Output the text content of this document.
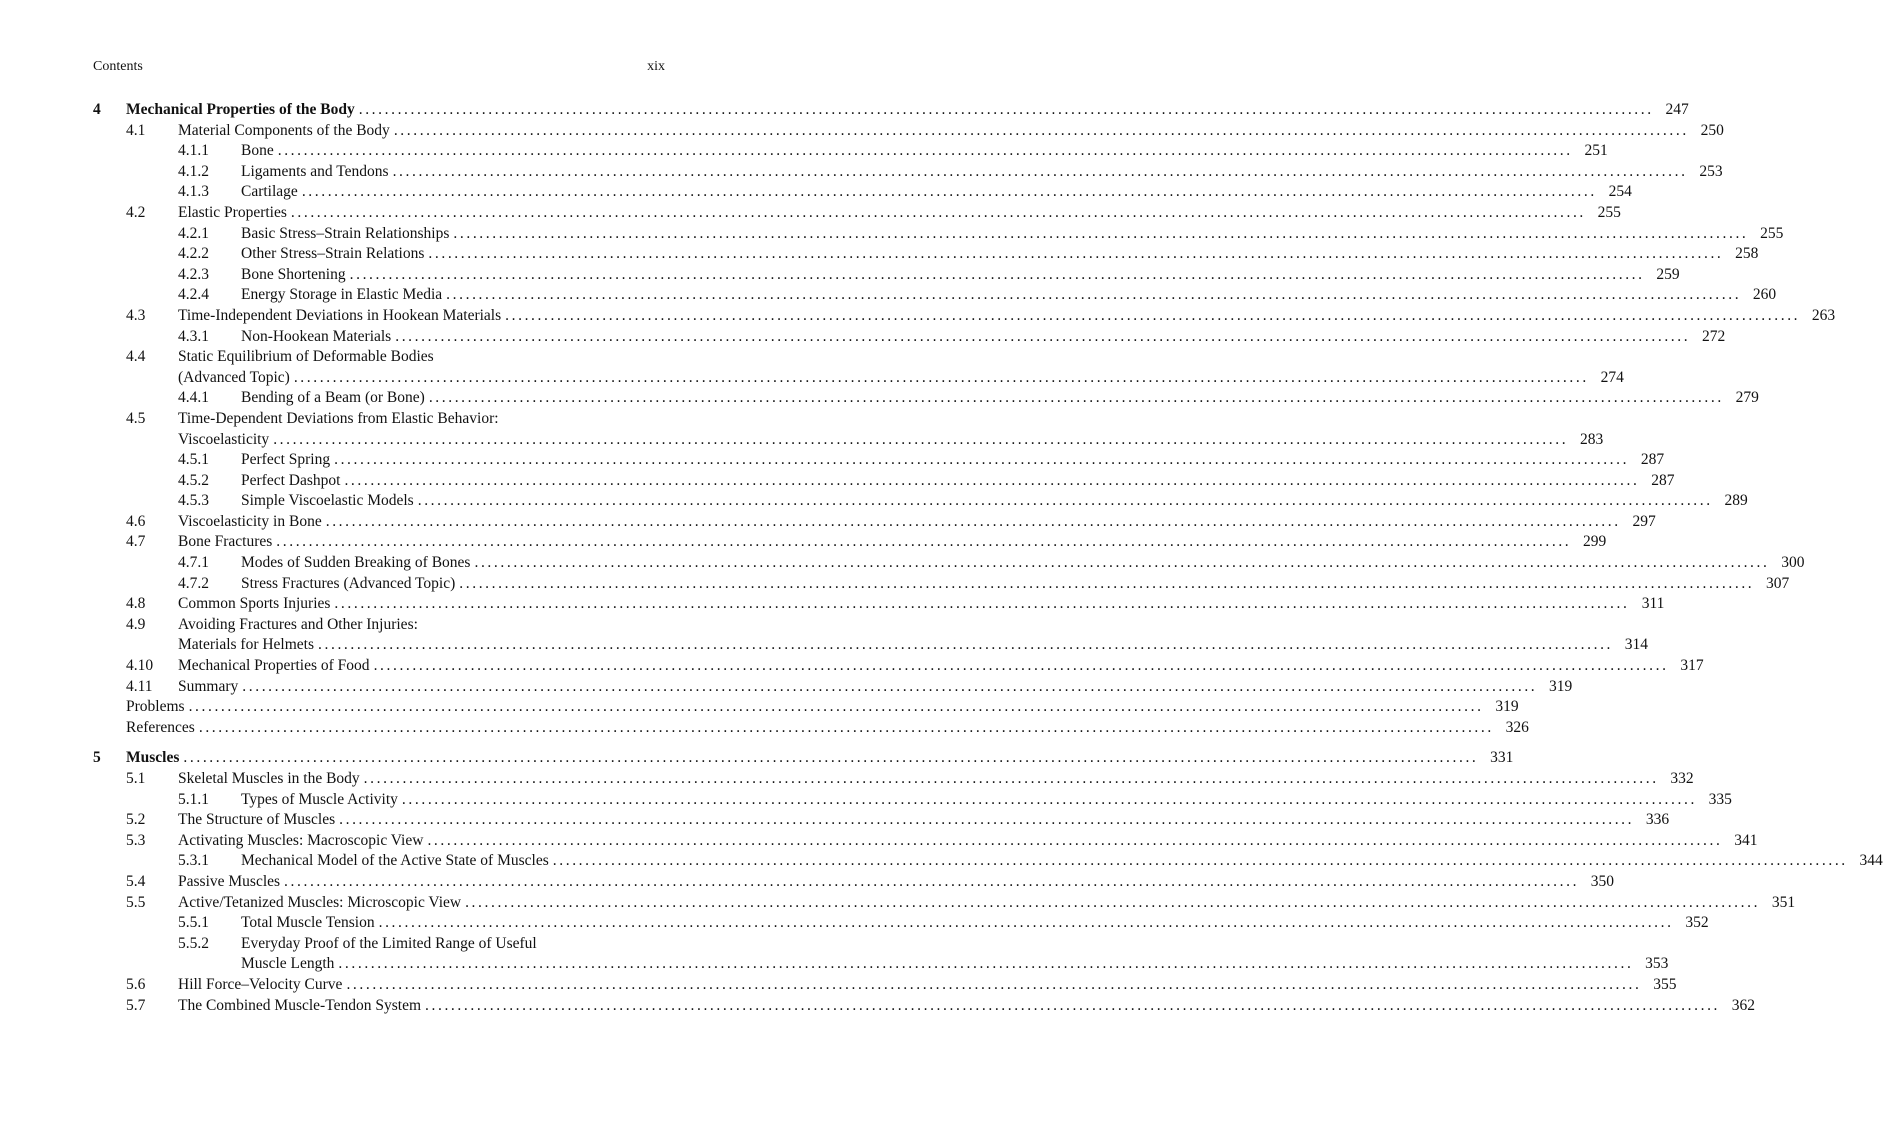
Contents	xix
4 Mechanical Properties of the Body ........................................................................................................................................................................................................ 247
4.1 Material Components of the Body ........................................................................................................................................................................................................ 250
4.1.1 Bone ........................................................................................................................................................................................................ 251
4.1.2 Ligaments and Tendons ........................................................................................................................................................................................................ 253
4.1.3 Cartilage ........................................................................................................................................................................................................ 254
4.2 Elastic Properties ........................................................................................................................................................................................................ 255
4.2.1 Basic Stress–Strain Relationships ........................................................................................................................................................................................................ 255
4.2.2 Other Stress–Strain Relations ........................................................................................................................................................................................................ 258
4.2.3 Bone Shortening ........................................................................................................................................................................................................ 259
4.2.4 Energy Storage in Elastic Media ........................................................................................................................................................................................................ 260
4.3 Time-Independent Deviations in Hookean Materials ........................................................................................................................................................................................................ 263
4.3.1 Non-Hookean Materials ........................................................................................................................................................................................................ 272
4.4 Static Equilibrium of Deformable Bodies
(Advanced Topic) ........................................................................................................................................................................................................ 274
4.4.1 Bending of a Beam (or Bone) ........................................................................................................................................................................................................ 279
4.5 Time-Dependent Deviations from Elastic Behavior:
Viscoelasticity ........................................................................................................................................................................................................ 283
4.5.1 Perfect Spring ........................................................................................................................................................................................................ 287
4.5.2 Perfect Dashpot ........................................................................................................................................................................................................ 287
4.5.3 Simple Viscoelastic Models ........................................................................................................................................................................................................ 289
4.6 Viscoelasticity in Bone ........................................................................................................................................................................................................ 297
4.7 Bone Fractures ........................................................................................................................................................................................................ 299
4.7.1 Modes of Sudden Breaking of Bones ........................................................................................................................................................................................................ 300
4.7.2 Stress Fractures (Advanced Topic) ........................................................................................................................................................................................................ 307
4.8 Common Sports Injuries ........................................................................................................................................................................................................ 311
4.9 Avoiding Fractures and Other Injuries:
Materials for Helmets ........................................................................................................................................................................................................ 314
4.10 Mechanical Properties of Food ........................................................................................................................................................................................................ 317
4.11 Summary ........................................................................................................................................................................................................ 319
Problems ........................................................................................................................................................................................................ 319
References ........................................................................................................................................................................................................ 326
5 Muscles ........................................................................................................................................................................................................ 331
5.1 Skeletal Muscles in the Body ........................................................................................................................................................................................................ 332
5.1.1 Types of Muscle Activity ........................................................................................................................................................................................................ 335
5.2 The Structure of Muscles ........................................................................................................................................................................................................ 336
5.3 Activating Muscles: Macroscopic View ........................................................................................................................................................................................................ 341
5.3.1 Mechanical Model of the Active State of Muscles ........................................................................................................................................................................................................ 344
5.4 Passive Muscles ........................................................................................................................................................................................................ 350
5.5 Active/Tetanized Muscles: Microscopic View ........................................................................................................................................................................................................ 351
5.5.1 Total Muscle Tension ........................................................................................................................................................................................................ 352
5.5.2 Everyday Proof of the Limited Range of Useful
Muscle Length ........................................................................................................................................................................................................ 353
5.6 Hill Force–Velocity Curve ........................................................................................................................................................................................................ 355
5.7 The Combined Muscle-Tendon System ........................................................................................................................................................................................................ 362
